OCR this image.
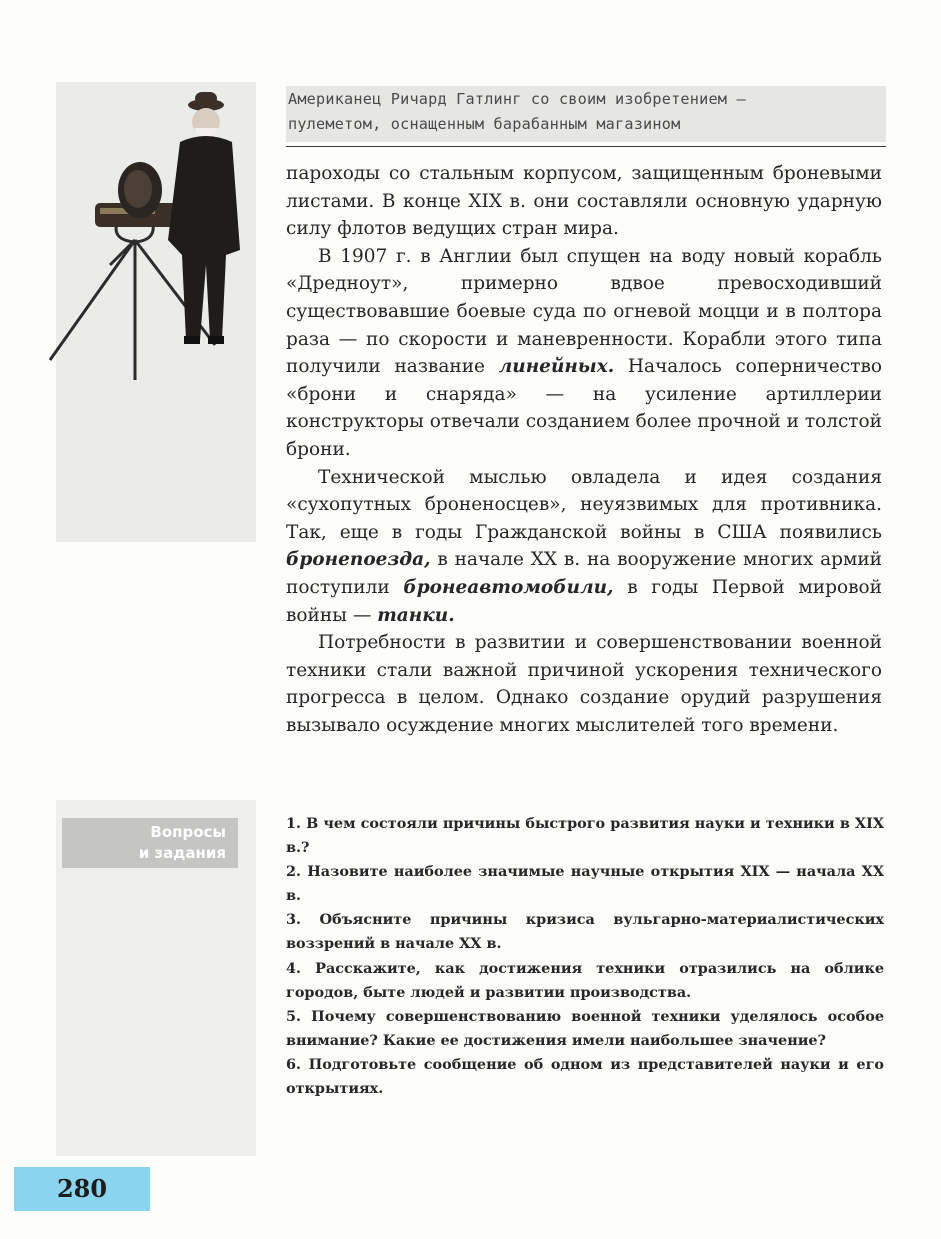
Американец Ричард Гатлинг со своим изобретением —

пулеметом, оснащенным барабанным магазином

пароходы со стальным корпусом, защищенным броневыми листами. В конце XIX в. они составляли основную ударную силу флотов ведущих стран мира.

В 1907 г. в Англии был спущен на воду новый корабль «Дредноут», примерно вдвое превосходивший существовавшие боевые суда по огневой моцци и в полтора раза — по скорости и маневренности. Корабли этого типа получили название линейных. Началось соперничество «брони и снаряда» — на усиление артиллерии конструкторы отвечали созданием более прочной и толстой брони.

Технической мыслью овладела и идея создания «сухопутных броненосцев», неуязвимых для противника. Так, еще в годы Гражданской войны в США появились бронепоезда, в начале XX в. на вооружение многих армий поступили бронеавтомобили, в годы Первой мировой войны — танки.

Потребности в развитии и совершенствовании военной техники стали важной причиной ускорения технического прогресса в целом. Однако создание орудий разрушения вызывало осуждение многих мыслителей того времени.

Вопросы
и задания

1. В чем состояли причины быстрого развития науки и техники в XIX в.?

2. Назовите наиболее значимые научные открытия XIX — начала XX в.

3. Объясните причины кризиса вульгарно-материалистических воззрений в начале XX в.

4. Расскажите, как достижения техники отразились на облике городов, быте людей и развитии производства.

5. Почему совершенствованию военной техники уделялось особое внимание? Какие ее достижения имели наибольшее значение?

6. Подготовьте сообщение об одном из представителей науки и его открытиях.

280
